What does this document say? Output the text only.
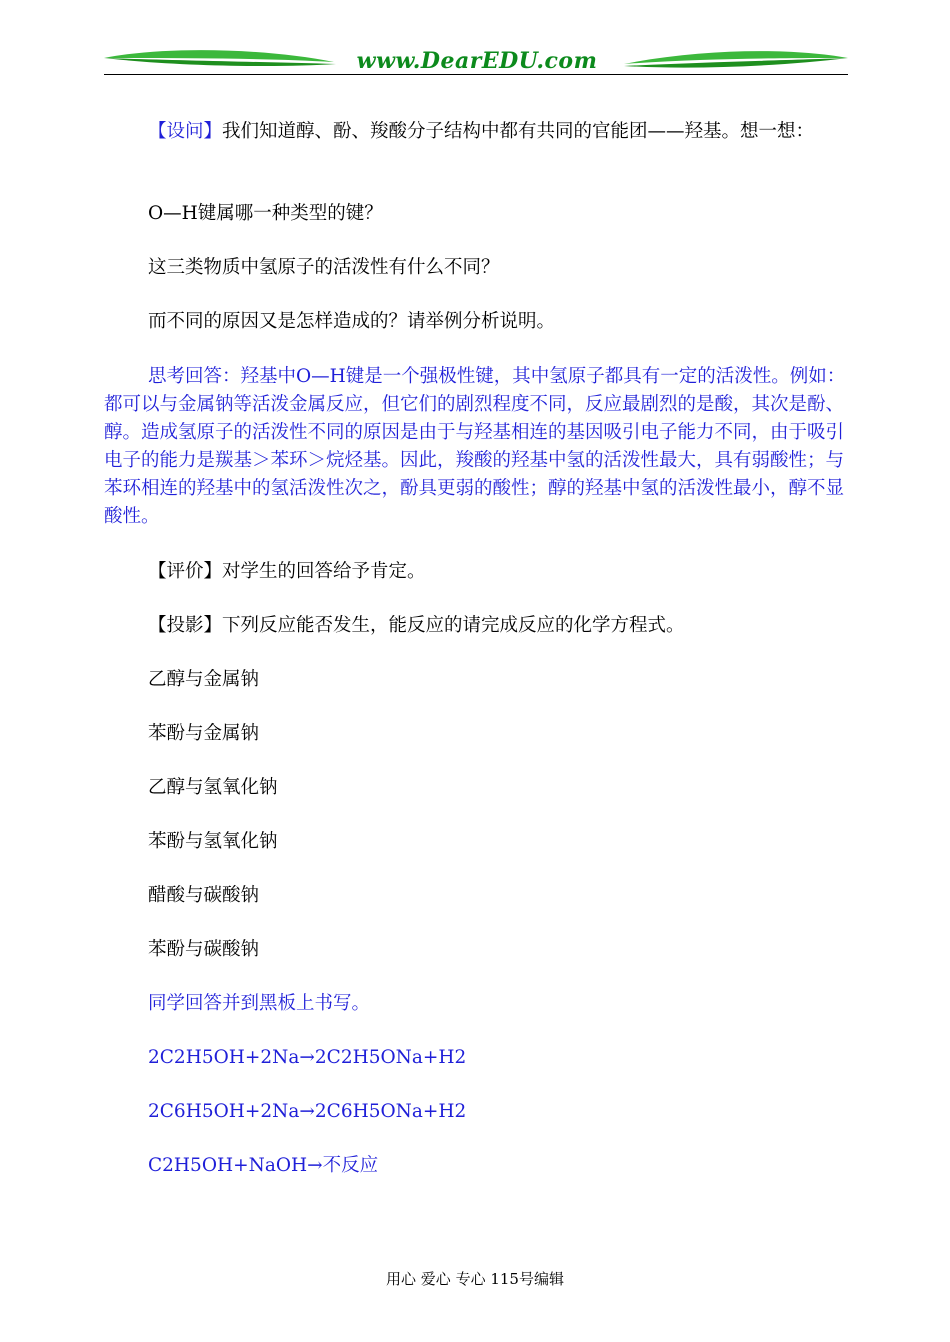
www.DearEDU.com

【设问】我们知道醇、酚、羧酸分子结构中都有共同的官能团——羟基。想一想：

O—H键属哪一种类型的键？

这三类物质中氢原子的活泼性有什么不同？

而不同的原因又是怎样造成的？请举例分析说明。

思考回答：羟基中O—H键是一个强极性键，其中氢原子都具有一定的活泼性。例如：都可以与金属钠等活泼金属反应，但它们的剧烈程度不同，反应最剧烈的是酸，其次是酚、醇。造成氢原子的活泼性不同的原因是由于与羟基相连的基因吸引电子能力不同，由于吸引电子的能力是羰基＞苯环＞烷烃基。因此，羧酸的羟基中氢的活泼性最大，具有弱酸性；与苯环相连的羟基中的氢活泼性次之，酚具更弱的酸性；醇的羟基中氢的活泼性最小，醇不显酸性。

【评价】对学生的回答给予肯定。

【投影】下列反应能否发生，能反应的请完成反应的化学方程式。

乙醇与金属钠

苯酚与金属钠

乙醇与氢氧化钠

苯酚与氢氧化钠

醋酸与碳酸钠

苯酚与碳酸钠

同学回答并到黑板上书写。

2C2H5OH+2Na→2C2H5ONa+H2

2C6H5OH+2Na→2C6H5ONa+H2

C2H5OH+NaOH→不反应

用心 爱心 专心 115号编辑
